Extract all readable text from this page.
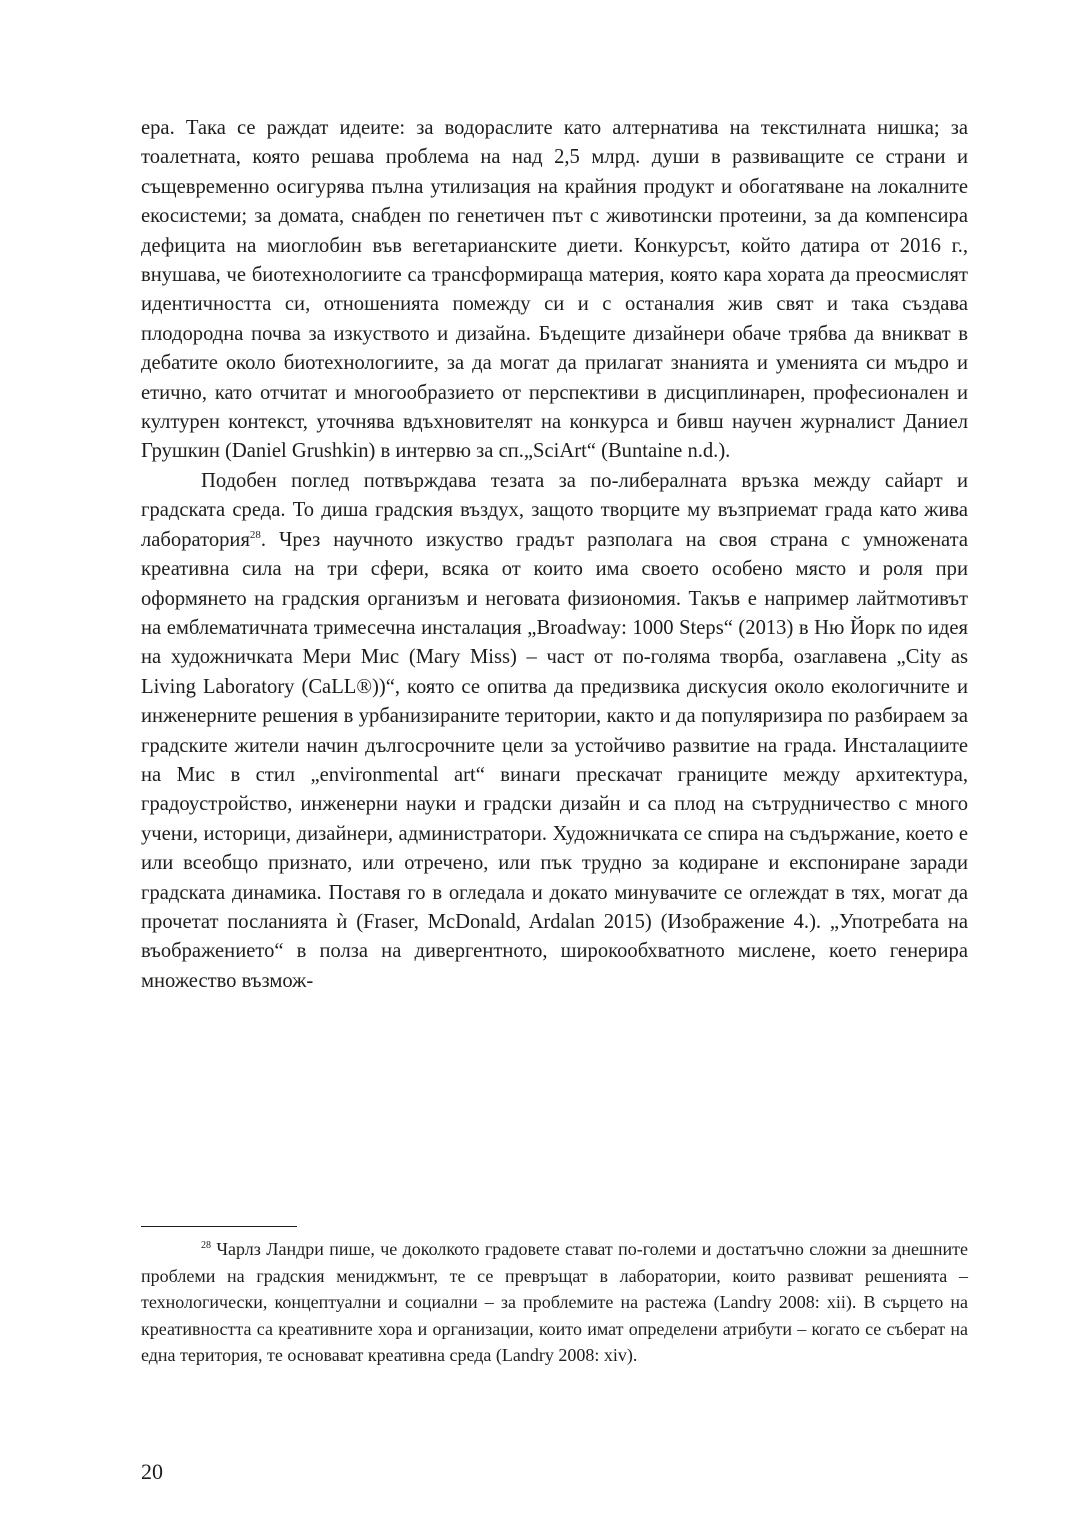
ера. Така се раждат идеите: за водораслите като алтернатива на текстилната нишка; за тоалетната, която решава проблема на над 2,5 млрд. души в развиващите се страни и същевременно осигурява пълна утилизация на крайния продукт и обогатяване на локалните екосистеми; за домата, снабден по генетичен път с животински протеини, за да компенсира дефицита на миоглобин във вегетарианските диети. Конкурсът, който датира от 2016 г., внушава, че биотехнологиите са трансформираща материя, която кара хората да преосмислят идентичността си, отношенията помежду си и с останалия жив свят и така създава плодородна почва за изкуството и дизайна. Бъдещите дизайнери обаче трябва да вникват в дебатите около биотехнологиите, за да могат да прилагат знанията и уменията си мъдро и етично, като отчитат и многообразието от перспективи в дисциплинарен, професионален и културен контекст, уточнява вдъхновителят на конкурса и бивш научен журналист Даниел Грушкин (Daniel Grushkin) в интервю за сп.„SciArt“ (Buntaine n.d.).

Подобен поглед потвърждава тезата за по-либералната връзка между сайарт и градската среда. То диша градския въздух, защото творците му възприемат града като жива лаборатория$^{28}$. Чрез научното изкуство градът разполага на своя страна с умножената креативна сила на три сфери, всяка от които има своето особено място и роля при оформянето на градския организъм и неговата физиономия. Такъв е например лайтмотивът на емблематичната тримесечна инсталация „Broadway: 1000 Steps“ (2013) в Ню Йорк по идея на художничката Мери Мис (Mary Miss) – част от по-голяма творба, озаглавена „City as Living Laboratory (CaLL®))“, която се опитва да предизвика дискусия около екологичните и инженерните решения в урбанизираните територии, както и да популяризира по разбираем за градските жители начин дългосрочните цели за устойчиво развитие на града. Инсталациите на Мис в стил „environmental art“ винаги прескачат границите между архитектура, градоустройство, инженерни науки и градски дизайн и са плод на сътрудничество с много учени, историци, дизайнери, администратори. Художничката се спира на съдържание, което е или всеобщо признато, или отречено, или пък трудно за кодиране и експониране заради градската динамика. Поставя го в огледала и докато минувачите се оглеждат в тях, могат да прочетат посланията ѝ (Fraser, McDonald, Ardalan 2015) (Изображение 4.). „Употребата на въображението“ в полза на дивергентното, широкообхватното мислене, което генерира множество възмож-

$^{28}$ Чарлз Ландри пише, че доколкото градовете стават по-големи и достатъчно сложни за днешните проблеми на градския мениджмънт, те се превръщат в лаборатории, които развиват решенията – технологически, концептуални и социални – за проблемите на растежа (Landry 2008: xii). В сърцето на креативността са креативните хора и организации, които имат определени атрибути – когато се съберат на една територия, те основават креативна среда (Landry 2008: xiv).

20
